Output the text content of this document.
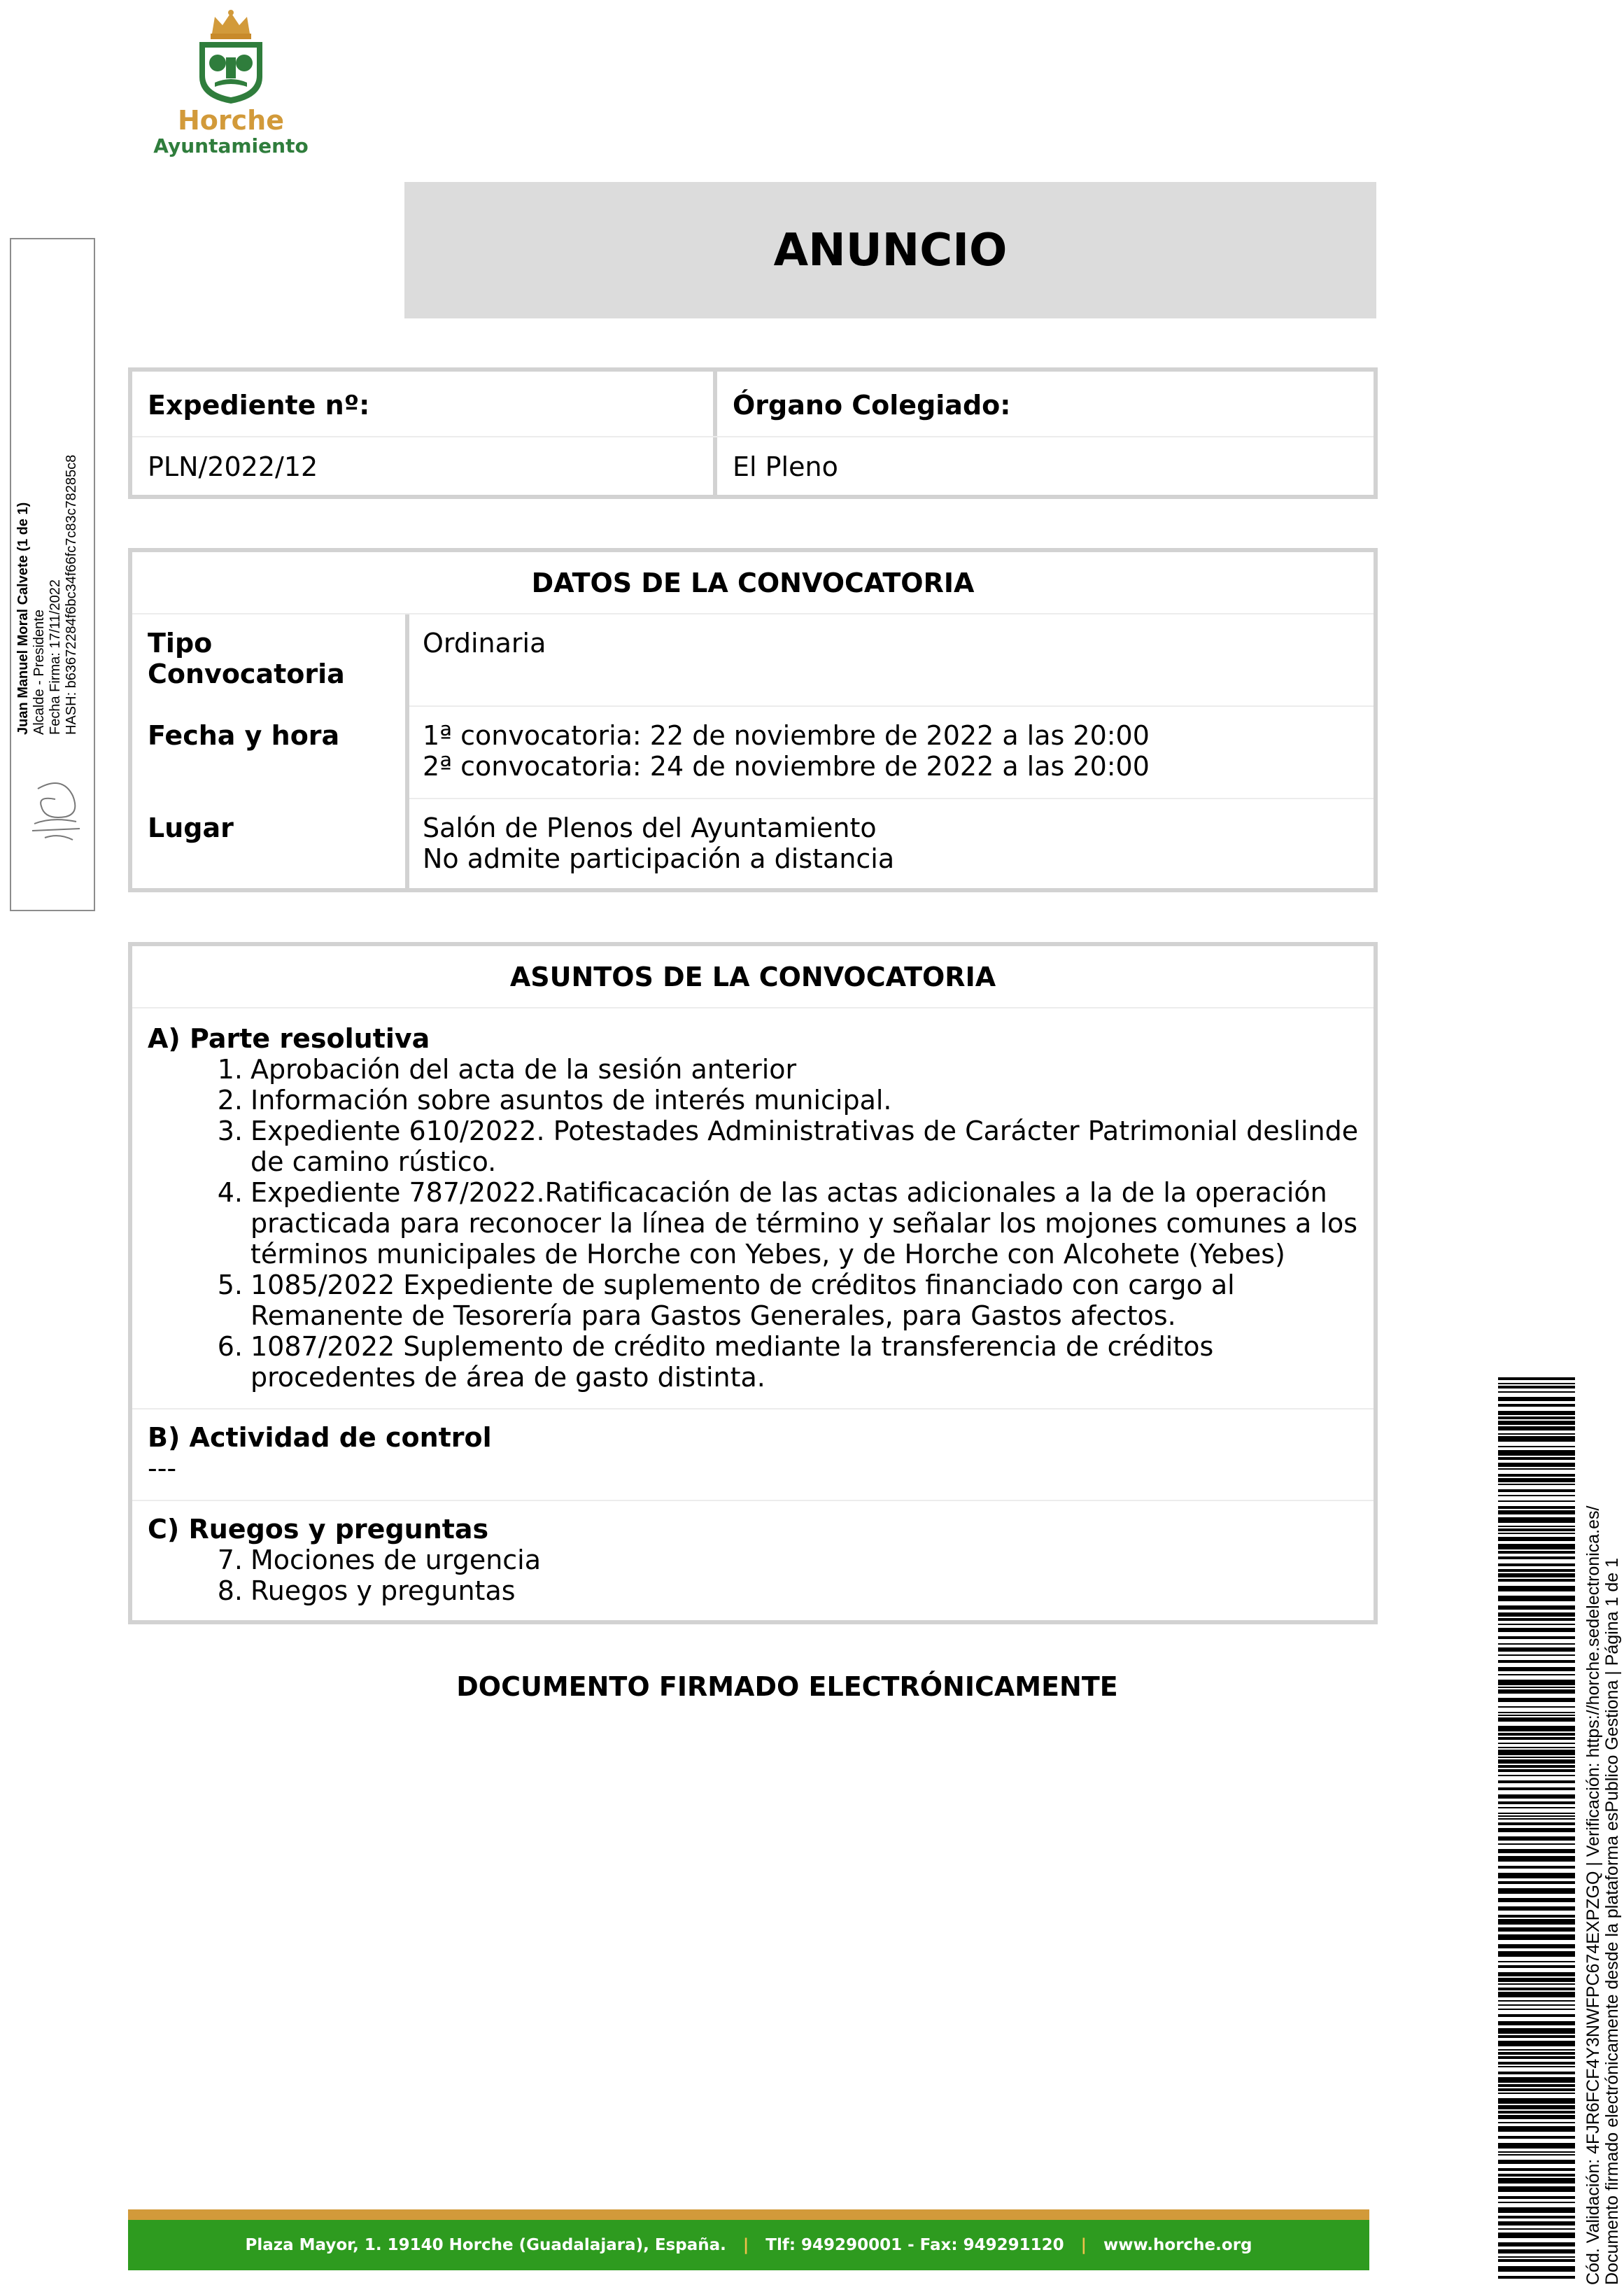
Horche
Ayuntamiento
ANUNCIO
Expediente nº:
PLN/2022/12
Órgano Colegiado:
El Pleno
DATOS DE LA CONVOCATORIA
Tipo
Convocatoria
Ordinaria
Fecha y hora	1ª convocatoria: 22 de noviembre de 2022 a las 20:00
2ª convocatoria: 24 de noviembre de 2022 a las 20:00
Lugar	Salón de Plenos del Ayuntamiento
No admite participación a distancia
ASUNTOS DE LA CONVOCATORIA
A) Parte resolutiva
1. Aprobación del acta de la sesión anterior
2. Información sobre asuntos de interés municipal.
3. Expediente 610/2022. Potestades Administrativas de Carácter Patrimonial deslinde
de camino rústico.
4. Expediente 787/2022.Ratificacación de las actas adicionales a la de la operación
practicada para reconocer la línea de término y señalar los mojones comunes a los
términos municipales de Horche con Yebes, y de Horche con Alcohete (Yebes)
5. 1085/2022 Expediente de suplemento de créditos financiado con cargo al
Remanente de Tesorería para Gastos Generales, para Gastos afectos.
6. 1087/2022 Suplemento de crédito mediante la transferencia de créditos
procedentes de área de gasto distinta.
B) Actividad de control
---
C) Ruegos y preguntas
7. Mociones de urgencia
8. Ruegos y preguntas
DOCUMENTO FIRMADO ELECTRÓNICAMENTE
Juan Manuel Moral Calvete (1 de 1) Alcalde - Presidente Fecha Firma: 17/11/2022 HASH: b63672284f6bc34f66fc7c83c78285c8
Cód. Validación: 4FJR6FCF4Y3NWFPC674EXPZGQ | Verificación: https://horche.sedelectronica.es/ Documento firmado electrónicamente desde la plataforma esPublico Gestiona | Página 1 de 1
Plaza Mayor, 1. 19140 Horche (Guadalajara), España. | Tlf: 949290001 - Fax: 949291120 | www.horche.org
